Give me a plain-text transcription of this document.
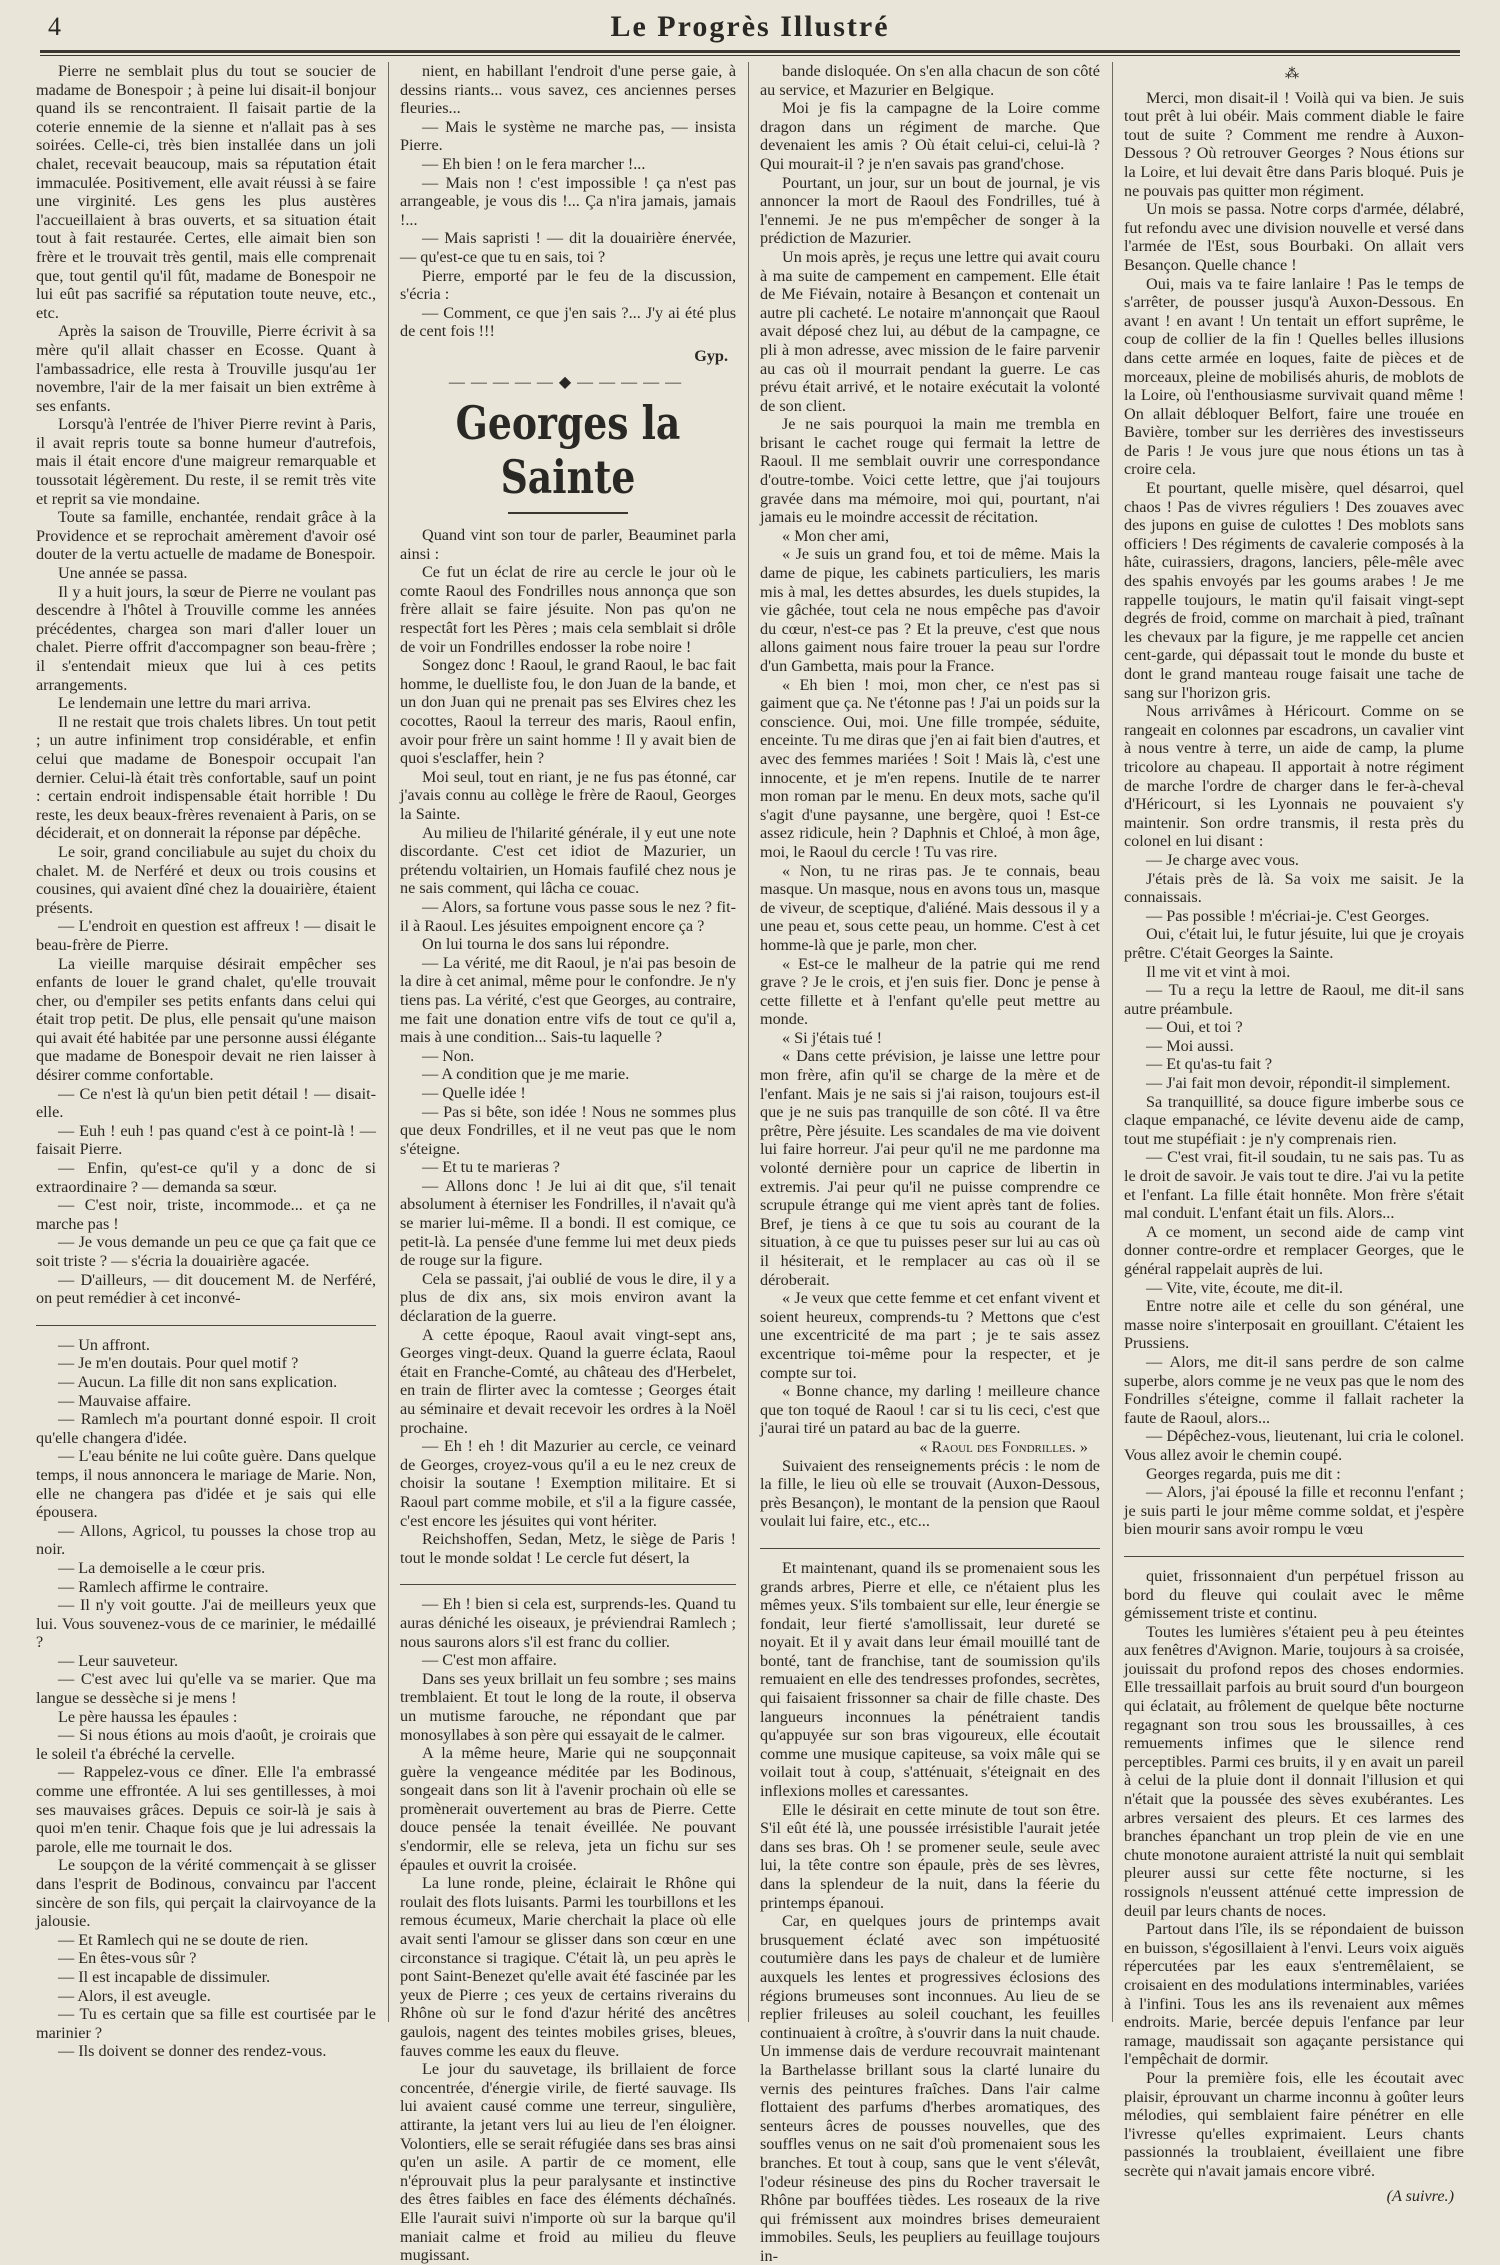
4	Le Progrès Illustré

Pierre ne semblait plus du tout se soucier de madame de Bonespoir ; à peine lui disait-il bonjour quand ils se rencontraient. Il faisait partie de la coterie ennemie de la sienne et n'allait pas à ses soirées. Celle-ci, très bien installée dans un joli chalet, recevait beaucoup, mais sa réputation était immaculée. Positivement, elle avait réussi à se faire une virginité. Les gens les plus austères l'accueillaient à bras ouverts, et sa situation était tout à fait restaurée. Certes, elle aimait bien son frère et le trouvait très gentil, mais elle comprenait que, tout gentil qu'il fût, madame de Bonespoir ne lui eût pas sacrifié sa réputation toute neuve, etc., etc.

Après la saison de Trouville, Pierre écrivit à sa mère qu'il allait chasser en Ecosse. Quant à l'ambassadrice, elle resta à Trouville jusqu'au 1er novembre, l'air de la mer faisait un bien extrême à ses enfants.

Lorsqu'à l'entrée de l'hiver Pierre revint à Paris, il avait repris toute sa bonne humeur d'autrefois, mais il était encore d'une maigreur remarquable et toussotait légèrement. Du reste, il se remit très vite et reprit sa vie mondaine.

Toute sa famille, enchantée, rendait grâce à la Providence et se reprochait amèrement d'avoir osé douter de la vertu actuelle de madame de Bonespoir.

Une année se passa.

Il y a huit jours, la sœur de Pierre ne voulant pas descendre à l'hôtel à Trouville comme les années précédentes, chargea son mari d'aller louer un chalet. Pierre offrit d'accompagner son beau-frère ; il s'entendait mieux que lui à ces petits arrangements.

Le lendemain une lettre du mari arriva.

Il ne restait que trois chalets libres. Un tout petit ; un autre infiniment trop considérable, et enfin celui que madame de Bonespoir occupait l'an dernier. Celui-là était très confortable, sauf un point : certain endroit indispensable était horrible ! Du reste, les deux beaux-frères revenaient à Paris, on se déciderait, et on donnerait la réponse par dépêche.

Le soir, grand conciliabule au sujet du choix du chalet. M. de Nerféré et deux ou trois cousins et cousines, qui avaient dîné chez la douairière, étaient présents.

— L'endroit en question est affreux ! — disait le beau-frère de Pierre.

La vieille marquise désirait empêcher ses enfants de louer le grand chalet, qu'elle trouvait cher, ou d'empiler ses petits enfants dans celui qui était trop petit. De plus, elle pensait qu'une maison qui avait été habitée par une personne aussi élégante que madame de Bonespoir devait ne rien laisser à désirer comme confortable.

— Ce n'est là qu'un bien petit détail ! — disait-elle.

— Euh ! euh ! pas quand c'est à ce point-là ! — faisait Pierre.

— Enfin, qu'est-ce qu'il y a donc de si extraordinaire ? — demanda sa sœur.

— C'est noir, triste, incommode... et ça ne marche pas !

— Je vous demande un peu ce que ça fait que ce soit triste ? — s'écria la douairière agacée.

— D'ailleurs, — dit doucement M. de Nerféré, on peut remédier à cet inconvé-

— Un affront.

— Je m'en doutais. Pour quel motif ?

— Aucun. La fille dit non sans explication.

— Mauvaise affaire.

— Ramlech m'a pourtant donné espoir. Il croit qu'elle changera d'idée.

— L'eau bénite ne lui coûte guère. Dans quelque temps, il nous annoncera le mariage de Marie. Non, elle ne changera pas d'idée et je sais qui elle épousera.

— Allons, Agricol, tu pousses la chose trop au noir.

— La demoiselle a le cœur pris.

— Ramlech affirme le contraire.

— Il n'y voit goutte. J'ai de meilleurs yeux que lui. Vous souvenez-vous de ce marinier, le médaillé ?

— Leur sauveteur.

— C'est avec lui qu'elle va se marier. Que ma langue se dessèche si je mens !

Le père haussa les épaules :

— Si nous étions au mois d'août, je croirais que le soleil t'a ébréché la cervelle.

— Rappelez-vous ce dîner. Elle l'a embrassé comme une effrontée. A lui ses gentillesses, à moi ses mauvaises grâces. Depuis ce soir-là je sais à quoi m'en tenir. Chaque fois que je lui adressais la parole, elle me tournait le dos.

Le soupçon de la vérité commençait à se glisser dans l'esprit de Bodinous, convaincu par l'accent sincère de son fils, qui perçait la clairvoyance de la jalousie.

— Et Ramlech qui ne se doute de rien.

— En êtes-vous sûr ?

— Il est incapable de dissimuler.

— Alors, il est aveugle.

— Tu es certain que sa fille est courtisée par le marinier ?

— Ils doivent se donner des rendez-vous.

nient, en habillant l'endroit d'une perse gaie, à dessins riants... vous savez, ces anciennes perses fleuries...

— Mais le système ne marche pas, — insista Pierre.

— Eh bien ! on le fera marcher !...

— Mais non ! c'est impossible ! ça n'est pas arrangeable, je vous dis !... Ça n'ira jamais, jamais !...

— Mais sapristi ! — dit la douairière énervée, — qu'est-ce que tu en sais, toi ?

Pierre, emporté par le feu de la discussion, s'écria :

— Comment, ce que j'en sais ?... J'y ai été plus de cent fois !!!

Gyp.
—————◆—————
Georges la Sainte

Quand vint son tour de parler, Beauminet parla ainsi :

Ce fut un éclat de rire au cercle le jour où le comte Raoul des Fondrilles nous annonça que son frère allait se faire jésuite. Non pas qu'on ne respectât fort les Pères ; mais cela semblait si drôle de voir un Fondrilles endosser la robe noire !

Songez donc ! Raoul, le grand Raoul, le bac fait homme, le duelliste fou, le don Juan de la bande, et un don Juan qui ne prenait pas ses Elvires chez les cocottes, Raoul la terreur des maris, Raoul enfin, avoir pour frère un saint homme ! Il y avait bien de quoi s'esclaffer, hein ?

Moi seul, tout en riant, je ne fus pas étonné, car j'avais connu au collège le frère de Raoul, Georges la Sainte.

Au milieu de l'hilarité générale, il y eut une note discordante. C'est cet idiot de Mazurier, un prétendu voltairien, un Homais faufilé chez nous je ne sais comment, qui lâcha ce couac.

— Alors, sa fortune vous passe sous le nez ? fit-il à Raoul. Les jésuites empoignent encore ça ?

On lui tourna le dos sans lui répondre.

— La vérité, me dit Raoul, je n'ai pas besoin de la dire à cet animal, même pour le confondre. Je n'y tiens pas. La vérité, c'est que Georges, au contraire, me fait une donation entre vifs de tout ce qu'il a, mais à une condition... Sais-tu laquelle ?

— Non.

— A condition que je me marie.

— Quelle idée !

— Pas si bête, son idée ! Nous ne sommes plus que deux Fondrilles, et il ne veut pas que le nom s'éteigne.

— Et tu te marieras ?

— Allons donc ! Je lui ai dit que, s'il tenait absolument à éterniser les Fondrilles, il n'avait qu'à se marier lui-même. Il a bondi. Il est comique, ce petit-là. La pensée d'une femme lui met deux pieds de rouge sur la figure.

Cela se passait, j'ai oublié de vous le dire, il y a plus de dix ans, six mois environ avant la déclaration de la guerre.

A cette époque, Raoul avait vingt-sept ans, Georges vingt-deux. Quand la guerre éclata, Raoul était en Franche-Comté, au château des d'Herbelet, en train de flirter avec la comtesse ; Georges était au séminaire et devait recevoir les ordres à la Noël prochaine.

— Eh ! eh ! dit Mazurier au cercle, ce veinard de Georges, croyez-vous qu'il a eu le nez creux de choisir la soutane ! Exemption militaire. Et si Raoul part comme mobile, et s'il a la figure cassée, c'est encore les jésuites qui vont hériter.

Reichshoffen, Sedan, Metz, le siège de Paris ! tout le monde soldat ! Le cercle fut désert, la

— Eh ! bien si cela est, surprends-les. Quand tu auras déniché les oiseaux, je préviendrai Ramlech ; nous saurons alors s'il est franc du collier.

— C'est mon affaire.

Dans ses yeux brillait un feu sombre ; ses mains tremblaient. Et tout le long de la route, il observa un mutisme farouche, ne répondant que par monosyllabes à son père qui essayait de le calmer.

A la même heure, Marie qui ne soupçonnait guère la vengeance méditée par les Bodinous, songeait dans son lit à l'avenir prochain où elle se promènerait ouvertement au bras de Pierre. Cette douce pensée la tenait éveillée. Ne pouvant s'endormir, elle se releva, jeta un fichu sur ses épaules et ouvrit la croisée.

La lune ronde, pleine, éclairait le Rhône qui roulait des flots luisants. Parmi les tourbillons et les remous écumeux, Marie cherchait la place où elle avait senti l'amour se glisser dans son cœur en une circonstance si tragique. C'était là, un peu après le pont Saint-Benezet qu'elle avait été fascinée par les yeux de Pierre ; ces yeux de certains riverains du Rhône où sur le fond d'azur hérité des ancêtres gaulois, nagent des teintes mobiles grises, bleues, fauves comme les eaux du fleuve.

Le jour du sauvetage, ils brillaient de force concentrée, d'énergie virile, de fierté sauvage. Ils lui avaient causé comme une terreur, singulière, attirante, la jetant vers lui au lieu de l'en éloigner. Volontiers, elle se serait réfugiée dans ses bras ainsi qu'en un asile. A partir de ce moment, elle n'éprouvait plus la peur paralysante et instinctive des êtres faibles en face des éléments déchaînés. Elle l'aurait suivi n'importe où sur la barque qu'il maniait calme et froid au milieu du fleuve mugissant.

bande disloquée. On s'en alla chacun de son côté au service, et Mazurier en Belgique.

Moi je fis la campagne de la Loire comme dragon dans un régiment de marche. Que devenaient les amis ? Où était celui-ci, celui-là ? Qui mourait-il ? je n'en savais pas grand'chose.

Pourtant, un jour, sur un bout de journal, je vis annoncer la mort de Raoul des Fondrilles, tué à l'ennemi. Je ne pus m'empêcher de songer à la prédiction de Mazurier.

Un mois après, je reçus une lettre qui avait couru à ma suite de campement en campement. Elle était de Me Fiévain, notaire à Besançon et contenait un autre pli cacheté. Le notaire m'annonçait que Raoul avait déposé chez lui, au début de la campagne, ce pli à mon adresse, avec mission de le faire parvenir au cas où il mourrait pendant la guerre. Le cas prévu était arrivé, et le notaire exécutait la volonté de son client.

Je ne sais pourquoi la main me trembla en brisant le cachet rouge qui fermait la lettre de Raoul. Il me semblait ouvrir une correspondance d'outre-tombe. Voici cette lettre, que j'ai toujours gravée dans ma mémoire, moi qui, pourtant, n'ai jamais eu le moindre accessit de récitation.

« Mon cher ami,

« Je suis un grand fou, et toi de même. Mais la dame de pique, les cabinets particuliers, les maris mis à mal, les dettes absurdes, les duels stupides, la vie gâchée, tout cela ne nous empêche pas d'avoir du cœur, n'est-ce pas ? Et la preuve, c'est que nous allons gaiment nous faire trouer la peau sur l'ordre d'un Gambetta, mais pour la France.

« Eh bien ! moi, mon cher, ce n'est pas si gaiment que ça. Ne t'étonne pas ! J'ai un poids sur la conscience. Oui, moi. Une fille trompée, séduite, enceinte. Tu me diras que j'en ai fait bien d'autres, et avec des femmes mariées ! Soit ! Mais là, c'est une innocente, et je m'en repens. Inutile de te narrer mon roman par le menu. En deux mots, sache qu'il s'agit d'une paysanne, une bergère, quoi ! Est-ce assez ridicule, hein ? Daphnis et Chloé, à mon âge, moi, le Raoul du cercle ! Tu vas rire.

« Non, tu ne riras pas. Je te connais, beau masque. Un masque, nous en avons tous un, masque de viveur, de sceptique, d'aliéné. Mais dessous il y a une peau et, sous cette peau, un homme. C'est à cet homme-là que je parle, mon cher.

« Est-ce le malheur de la patrie qui me rend grave ? Je le crois, et j'en suis fier. Donc je pense à cette fillette et à l'enfant qu'elle peut mettre au monde.

« Si j'étais tué !

« Dans cette prévision, je laisse une lettre pour mon frère, afin qu'il se charge de la mère et de l'enfant. Mais je ne sais si j'ai raison, toujours est-il que je ne suis pas tranquille de son côté. Il va être prêtre, Père jésuite. Les scandales de ma vie doivent lui faire horreur. J'ai peur qu'il ne me pardonne ma volonté dernière pour un caprice de libertin in extremis. J'ai peur qu'il ne puisse comprendre ce scrupule étrange qui me vient après tant de folies. Bref, je tiens à ce que tu sois au courant de la situation, à ce que tu puisses peser sur lui au cas où il hésiterait, et le remplacer au cas où il se déroberait.

« Je veux que cette femme et cet enfant vivent et soient heureux, comprends-tu ? Mettons que c'est une excentricité de ma part ; je te sais assez excentrique toi-même pour la respecter, et je compte sur toi.

« Bonne chance, my darling ! meilleure chance que ton toqué de Raoul ! car si tu lis ceci, c'est que j'aurai tiré un patard au bac de la guerre.

« Raoul des Fondrilles. »

Suivaient des renseignements précis : le nom de la fille, le lieu où elle se trouvait (Auxon-Dessous, près Besançon), le montant de la pension que Raoul voulait lui faire, etc., etc...

Et maintenant, quand ils se promenaient sous les grands arbres, Pierre et elle, ce n'étaient plus les mêmes yeux. S'ils tombaient sur elle, leur énergie se fondait, leur fierté s'amollissait, leur dureté se noyait. Et il y avait dans leur émail mouillé tant de bonté, tant de franchise, tant de soumission qu'ils remuaient en elle des tendresses profondes, secrètes, qui faisaient frissonner sa chair de fille chaste. Des langueurs inconnues la pénétraient tandis qu'appuyée sur son bras vigoureux, elle écoutait comme une musique capiteuse, sa voix mâle qui se voilait tout à coup, s'atténuait, s'éteignait en des inflexions molles et caressantes.

Elle le désirait en cette minute de tout son être. S'il eût été là, une poussée irrésistible l'aurait jetée dans ses bras. Oh ! se promener seule, seule avec lui, la tête contre son épaule, près de ses lèvres, dans la splendeur de la nuit, dans la féerie du printemps épanoui.

Car, en quelques jours de printemps avait brusquement éclaté avec son impétuosité coutumière dans les pays de chaleur et de lumière auxquels les lentes et progressives éclosions des régions brumeuses sont inconnues. Au lieu de se replier frileuses au soleil couchant, les feuilles continuaient à croître, à s'ouvrir dans la nuit chaude. Un immense dais de verdure recouvrait maintenant la Barthelasse brillant sous la clarté lunaire du vernis des peintures fraîches. Dans l'air calme flottaient des parfums d'herbes aromatiques, des senteurs âcres de pousses nouvelles, que des souffles venus on ne sait d'où promenaient sous les branches. Et tout à coup, sans que le vent s'élevât, l'odeur résineuse des pins du Rocher traversait le Rhône par bouffées tièdes. Les roseaux de la rive qui frémissent aux moindres brises demeuraient immobiles. Seuls, les peupliers au feuillage toujours in-

⁂

Merci, mon disait-il ! Voilà qui va bien. Je suis tout prêt à lui obéir. Mais comment diable le faire tout de suite ? Comment me rendre à Auxon-Dessous ? Où retrouver Georges ? Nous étions sur la Loire, et lui devait être dans Paris bloqué. Puis je ne pouvais pas quitter mon régiment.

Un mois se passa. Notre corps d'armée, délabré, fut refondu avec une division nouvelle et versé dans l'armée de l'Est, sous Bourbaki. On allait vers Besançon. Quelle chance !

Oui, mais va te faire lanlaire ! Pas le temps de s'arrêter, de pousser jusqu'à Auxon-Dessous. En avant ! en avant ! Un tentait un effort suprême, le coup de collier de la fin ! Quelles belles illusions dans cette armée en loques, faite de pièces et de morceaux, pleine de mobilisés ahuris, de moblots de la Loire, où l'enthousiasme survivait quand même ! On allait débloquer Belfort, faire une trouée en Bavière, tomber sur les derrières des investisseurs de Paris ! Je vous jure que nous étions un tas à croire cela.

Et pourtant, quelle misère, quel désarroi, quel chaos ! Pas de vivres réguliers ! Des zouaves avec des jupons en guise de culottes ! Des moblots sans officiers ! Des régiments de cavalerie composés à la hâte, cuirassiers, dragons, lanciers, pêle-mêle avec des spahis envoyés par les goums arabes ! Je me rappelle toujours, le matin qu'il faisait vingt-sept degrés de froid, comme on marchait à pied, traînant les chevaux par la figure, je me rappelle cet ancien cent-garde, qui dépassait tout le monde du buste et dont le grand manteau rouge faisait une tache de sang sur l'horizon gris.

Nous arrivâmes à Héricourt. Comme on se rangeait en colonnes par escadrons, un cavalier vint à nous ventre à terre, un aide de camp, la plume tricolore au chapeau. Il apportait à notre régiment de marche l'ordre de charger dans le fer-à-cheval d'Héricourt, si les Lyonnais ne pouvaient s'y maintenir. Son ordre transmis, il resta près du colonel en lui disant :

— Je charge avec vous.

J'étais près de là. Sa voix me saisit. Je la connaissais.

— Pas possible ! m'écriai-je. C'est Georges.

Oui, c'était lui, le futur jésuite, lui que je croyais prêtre. C'était Georges la Sainte.

Il me vit et vint à moi.

— Tu a reçu la lettre de Raoul, me dit-il sans autre préambule.

— Oui, et toi ?

— Moi aussi.

— Et qu'as-tu fait ?

— J'ai fait mon devoir, répondit-il simplement.

Sa tranquillité, sa douce figure imberbe sous ce claque empanaché, ce lévite devenu aide de camp, tout me stupéfiait : je n'y comprenais rien.

— C'est vrai, fit-il soudain, tu ne sais pas. Tu as le droit de savoir. Je vais tout te dire. J'ai vu la petite et l'enfant. La fille était honnête. Mon frère s'était mal conduit. L'enfant était un fils. Alors...

A ce moment, un second aide de camp vint donner contre-ordre et remplacer Georges, que le général rappelait auprès de lui.

— Vite, vite, écoute, me dit-il.

Entre notre aile et celle du son général, une masse noire s'interposait en grouillant. C'étaient les Prussiens.

— Alors, me dit-il sans perdre de son calme superbe, alors comme je ne veux pas que le nom des Fondrilles s'éteigne, comme il fallait racheter la faute de Raoul, alors...

— Dépêchez-vous, lieutenant, lui cria le colonel. Vous allez avoir le chemin coupé.

Georges regarda, puis me dit :

— Alors, j'ai épousé la fille et reconnu l'enfant ; je suis parti le jour même comme soldat, et j'espère bien mourir sans avoir rompu le vœu

quiet, frissonnaient d'un perpétuel frisson au bord du fleuve qui coulait avec le même gémissement triste et continu.

Toutes les lumières s'étaient peu à peu éteintes aux fenêtres d'Avignon. Marie, toujours à sa croisée, jouissait du profond repos des choses endormies. Elle tressaillait parfois au bruit sourd d'un bourgeon qui éclatait, au frôlement de quelque bête nocturne regagnant son trou sous les broussailles, à ces remuements infimes que le silence rend perceptibles. Parmi ces bruits, il y en avait un pareil à celui de la pluie dont il donnait l'illusion et qui n'était que la poussée des sèves exubérantes. Les arbres versaient des pleurs. Et ces larmes des branches épanchant un trop plein de vie en une chute monotone auraient attristé la nuit qui semblait pleurer aussi sur cette fête nocturne, si les rossignols n'eussent atténué cette impression de deuil par leurs chants de noces.

Partout dans l'île, ils se répondaient de buisson en buisson, s'égosillaient à l'envi. Leurs voix aiguës répercutées par les eaux s'entremêlaient, se croisaient en des modulations interminables, variées à l'infini. Tous les ans ils revenaient aux mêmes endroits. Marie, bercée depuis l'enfance par leur ramage, maudissait son agaçante persistance qui l'empêchait de dormir.

Pour la première fois, elle les écoutait avec plaisir, éprouvant un charme inconnu à goûter leurs mélodies, qui semblaient faire pénétrer en elle l'ivresse qu'elles exprimaient. Leurs chants passionnés la troublaient, éveillaient une fibre secrète qui n'avait jamais encore vibré.

(A suivre.)
